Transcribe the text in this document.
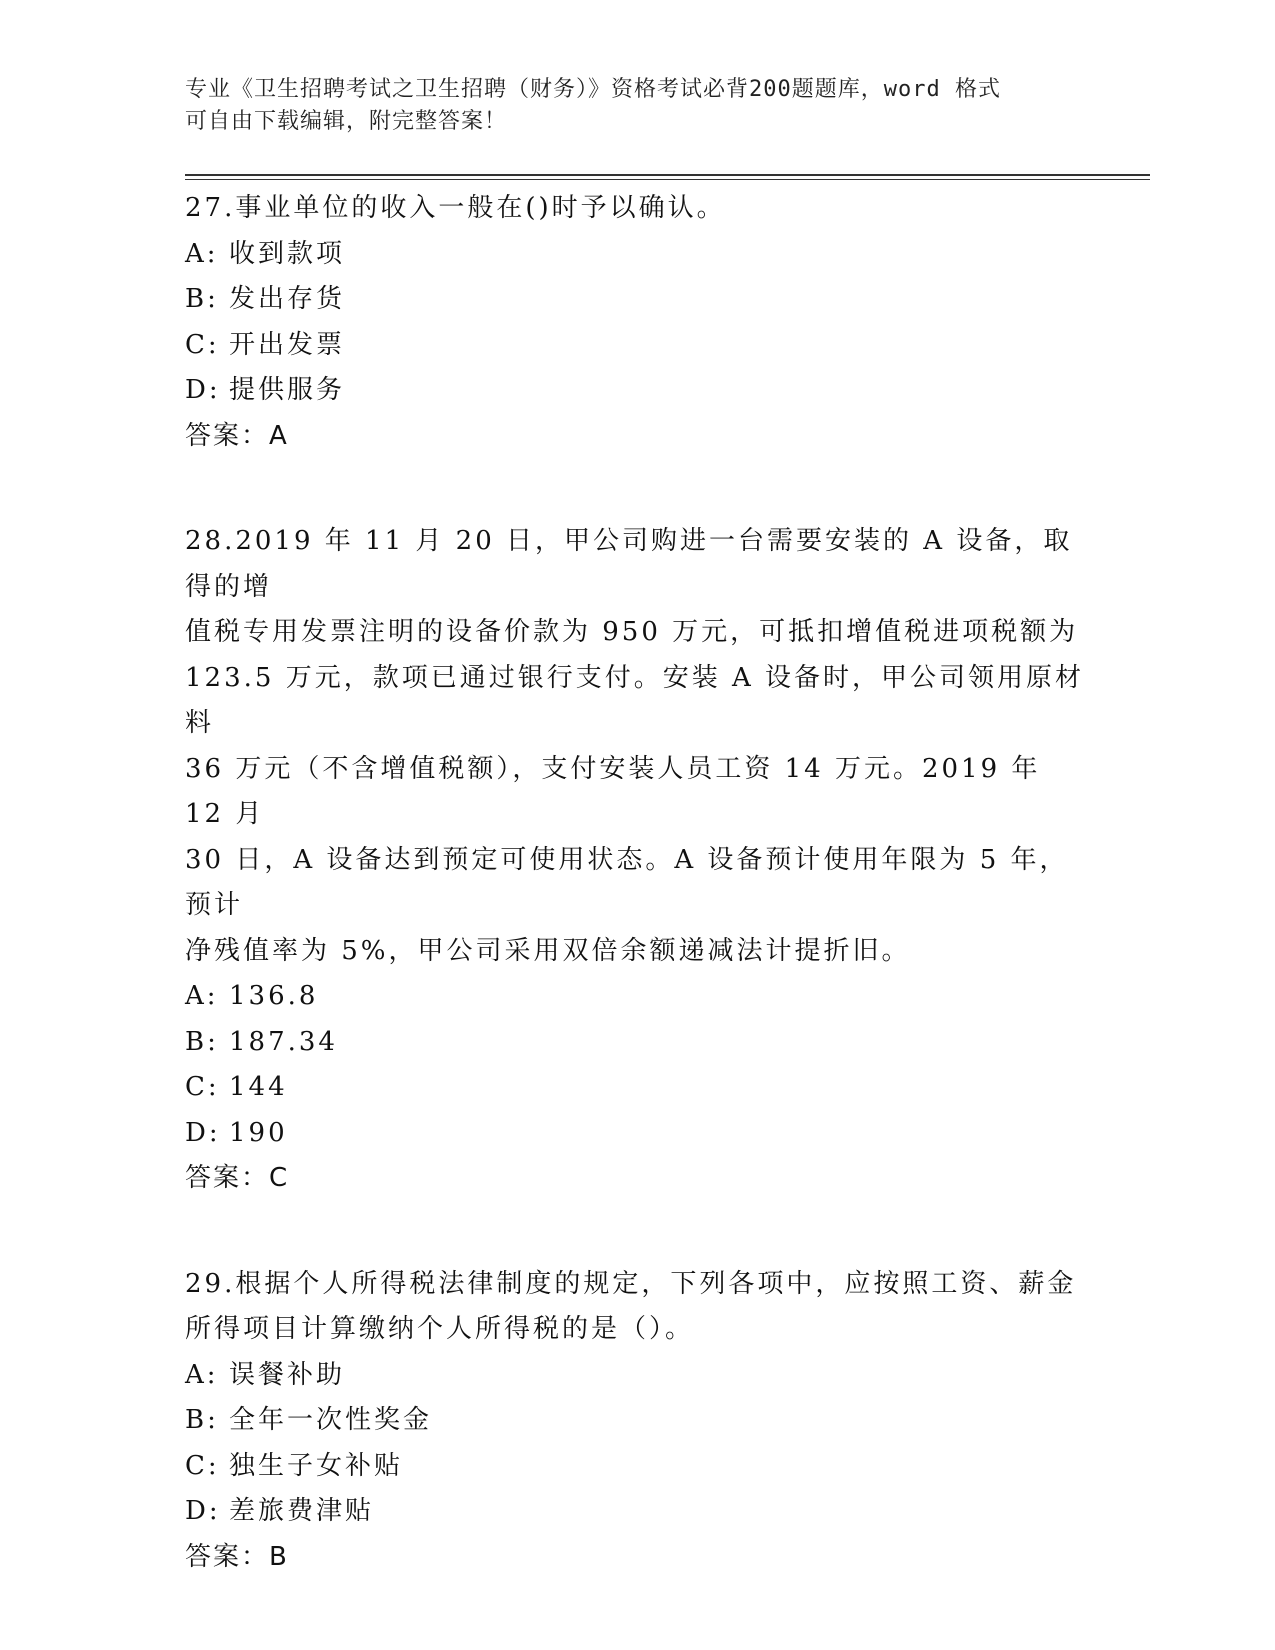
专业《卫生招聘考试之卫生招聘（财务）》资格考试必背200题题库，word 格式
可自由下载编辑，附完整答案！

27.事业单位的收入一般在()时予以确认。

A: 收到款项

B: 发出存货

C: 开出发票

D: 提供服务

答案：A

28.2019 年 11 月 20 日，甲公司购进一台需要安装的 A 设备，取得的增

值税专用发票注明的设备价款为 950 万元，可抵扣增值税进项税额为

123.5 万元，款项已通过银行支付。安装 A 设备时，甲公司领用原材料

36 万元（不含增值税额），支付安装人员工资 14 万元。2019 年 12 月

30 日，A 设备达到预定可使用状态。A 设备预计使用年限为 5 年，预计

净残值率为 5%，甲公司采用双倍余额递减法计提折旧。

A: 136.8

B: 187.34

C: 144

D: 190

答案：C

29.根据个人所得税法律制度的规定，下列各项中，应按照工资、薪金

所得项目计算缴纳个人所得税的是（）。

A: 误餐补助

B: 全年一次性奖金

C: 独生子女补贴

D: 差旅费津贴

答案：B
